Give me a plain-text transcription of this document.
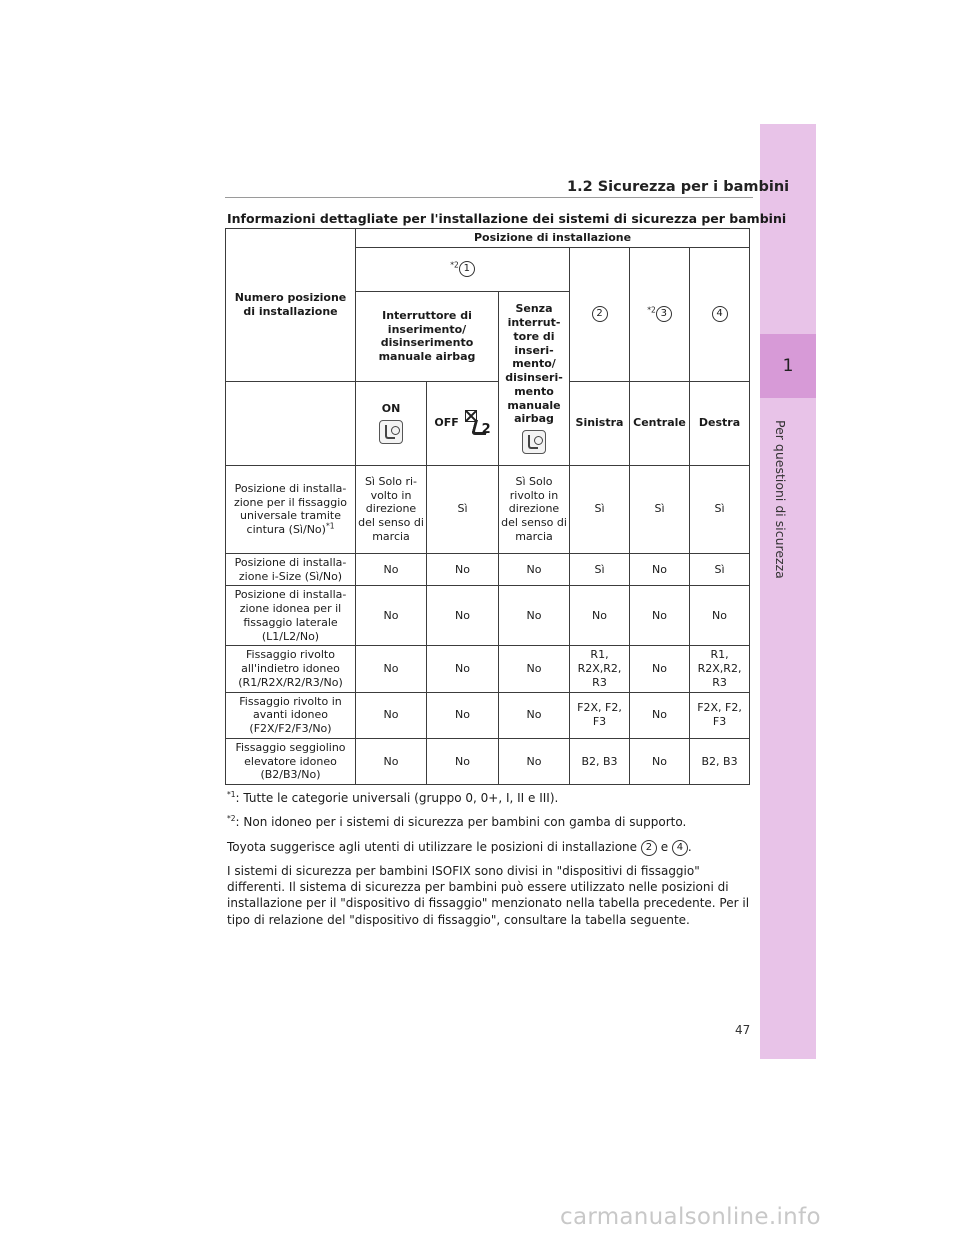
1
Per questioni di sicurezza
1.2 Sicurezza per i bambini
Informazioni dettagliate per l'installazione dei sistemi di sicurezza per bambini
Numero posizione di installazione	Posizione di installazione					
	$^{*2}$ 1			2	$^{*2}$ 3	4
	Interruttore di inserimento/ disinserimento manuale airbag		Senza interrut- tore di inseri- mento/ disinseri- mento manuale airbag			

	ON	OFF 2		Sinistra	Centrale	Destra
Posizione di installa- zione per il fissaggio universale tramite cintura (Sì/No)$^{*1}$	Sì Solo ri- volto in direzione del senso di marcia	Sì	Sì Solo rivolto in direzione del senso di marcia	Sì	Sì	Sì
Posizione di installa- zione i-Size (Sì/No)	No	No	No	Sì	No	Sì
Posizione di installa- zione idonea per il fissaggio laterale (L1/L2/No)	No	No	No	No	No	No
Fissaggio rivolto all'indietro idoneo (R1/R2X/R2/R3/No)	No	No	No	R1, R2X,R2, R3	No	R1, R2X,R2, R3
Fissaggio rivolto in avanti idoneo (F2X/F2/F3/No)	No	No	No	F2X, F2, F3	No	F2X, F2, F3
Fissaggio seggiolino elevatore idoneo (B2/B3/No)	No	No	No	B2, B3	No	B2, B3
$^{*1}$: Tutte le categorie universali (gruppo 0, 0+, I, II e III).
$^{*2}$: Non idoneo per i sistemi di sicurezza per bambini con gamba di supporto.
Toyota suggerisce agli utenti di utilizzare le posizioni di installazione 2 e 4 .
I sistemi di sicurezza per bambini ISOFIX sono divisi in "dispositivi di fissaggio" differenti. Il sistema di sicurezza per bambini può essere utilizzato nelle posizioni di installazione per il "dispositivo di fissaggio" menzionato nella tabella precedente. Per il tipo di relazione del "dispositivo di fissaggio", consultare la tabella seguente.
47
carmanualsonline.info
